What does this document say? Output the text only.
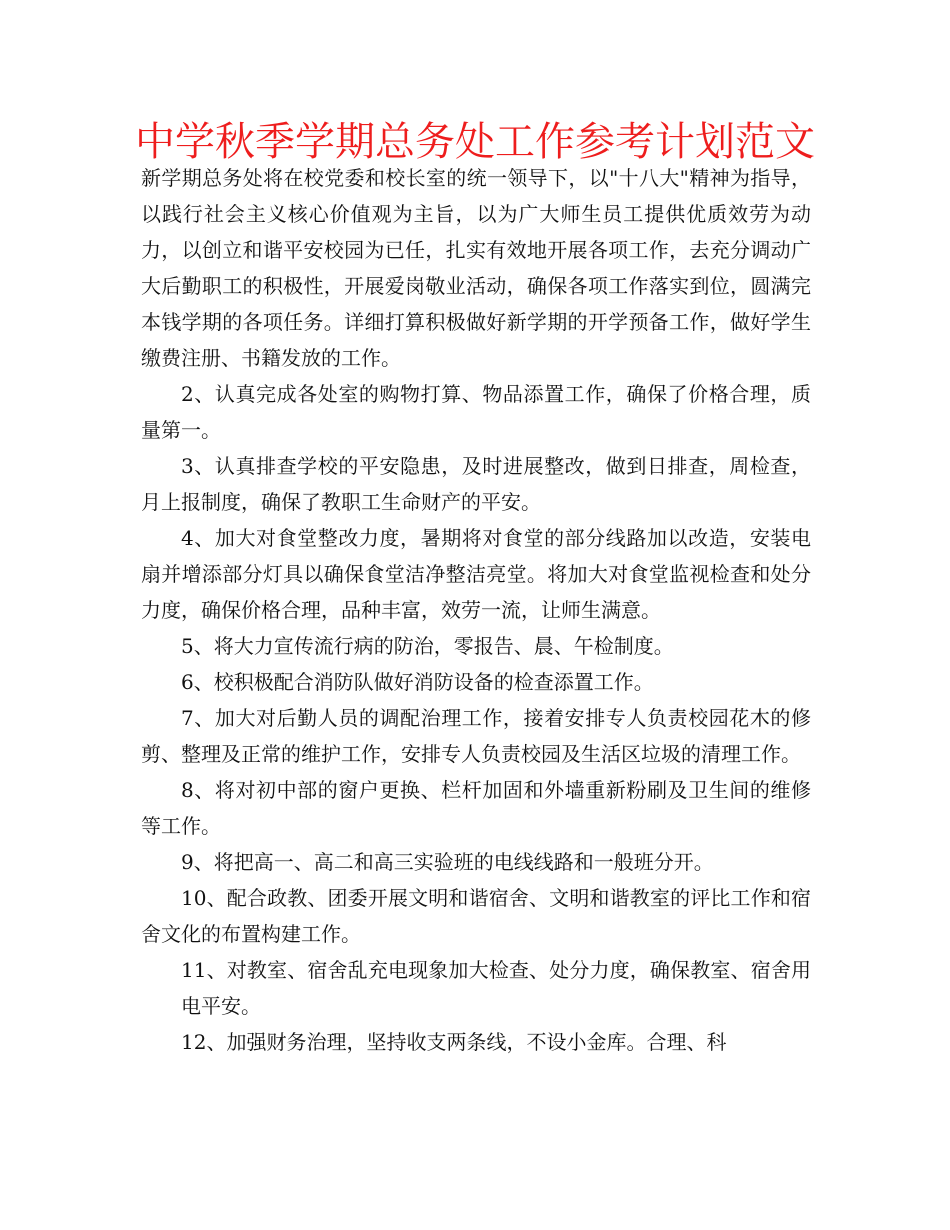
中学秋季学期总务处工作参考计划范文

新学期总务处将在校党委和校长室的统一领导下，以"十八大"精神为指导，以践行社会主义核心价值观为主旨，以为广大师生员工提供优质效劳为动力，以创立和谐平安校园为已任，扎实有效地开展各项工作，去充分调动广大后勤职工的积极性，开展爱岗敬业活动，确保各项工作落实到位，圆满完本钱学期的各项任务。详细打算积极做好新学期的开学预备工作，做好学生缴费注册、书籍发放的工作。

2、认真完成各处室的购物打算、物品添置工作，确保了价格合理，质量第一。

3、认真排查学校的平安隐患，及时进展整改，做到日排查，周检查，月上报制度，确保了教职工生命财产的平安。

4、加大对食堂整改力度，暑期将对食堂的部分线路加以改造，安装电扇并增添部分灯具以确保食堂洁净整洁亮堂。将加大对食堂监视检查和处分力度，确保价格合理，品种丰富，效劳一流，让师生满意。

5、将大力宣传流行病的防治，零报告、晨、午检制度。

6、校积极配合消防队做好消防设备的检查添置工作。

7、加大对后勤人员的调配治理工作，接着安排专人负责校园花木的修剪、整理及正常的维护工作，安排专人负责校园及生活区垃圾的清理工作。

8、将对初中部的窗户更换、栏杆加固和外墙重新粉刷及卫生间的维修等工作。

9、将把高一、高二和高三实验班的电线线路和一般班分开。

10、配合政教、团委开展文明和谐宿舍、文明和谐教室的评比工作和宿舍文化的布置构建工作。

11、对教室、宿舍乱充电现象加大检查、处分力度，确保教室、宿舍用电平安。

12、加强财务治理，坚持收支两条线，不设小金库。合理、科
